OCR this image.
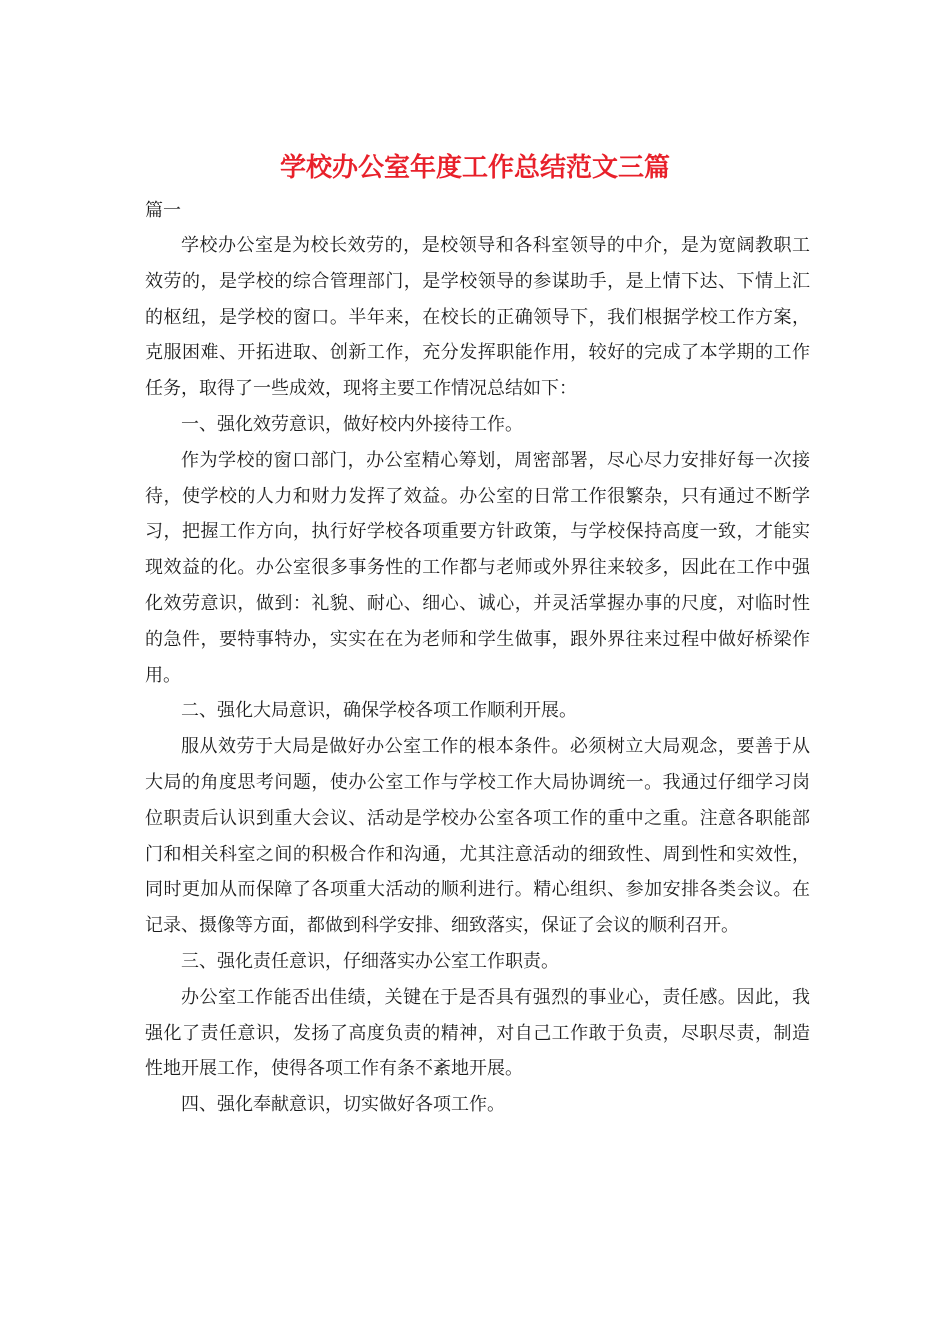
学校办公室年度工作总结范文三篇
篇一

学校办公室是为校长效劳的，是校领导和各科室领导的中介，是为宽阔教职工效劳的，是学校的综合管理部门，是学校领导的参谋助手，是上情下达、下情上汇的枢纽，是学校的窗口。半年来，在校长的正确领导下，我们根据学校工作方案，克服困难、开拓进取、创新工作，充分发挥职能作用，较好的完成了本学期的工作任务，取得了一些成效，现将主要工作情况总结如下：

一、强化效劳意识，做好校内外接待工作。

作为学校的窗口部门，办公室精心筹划，周密部署，尽心尽力安排好每一次接待，使学校的人力和财力发挥了效益。办公室的日常工作很繁杂，只有通过不断学习，把握工作方向，执行好学校各项重要方针政策，与学校保持高度一致，才能实现效益的化。办公室很多事务性的工作都与老师或外界往来较多，因此在工作中强化效劳意识，做到：礼貌、耐心、细心、诚心，并灵活掌握办事的尺度，对临时性的急件，要特事特办，实实在在为老师和学生做事，跟外界往来过程中做好桥梁作用。

二、强化大局意识，确保学校各项工作顺利开展。

服从效劳于大局是做好办公室工作的根本条件。必须树立大局观念，要善于从大局的角度思考问题，使办公室工作与学校工作大局协调统一。我通过仔细学习岗位职责后认识到重大会议、活动是学校办公室各项工作的重中之重。注意各职能部门和相关科室之间的积极合作和沟通，尤其注意活动的细致性、周到性和实效性，同时更加从而保障了各项重大活动的顺利进行。精心组织、参加安排各类会议。在记录、摄像等方面，都做到科学安排、细致落实，保证了会议的顺利召开。

三、强化责任意识，仔细落实办公室工作职责。

办公室工作能否出佳绩，关键在于是否具有强烈的事业心，责任感。因此，我强化了责任意识，发扬了高度负责的精神，对自己工作敢于负责，尽职尽责，制造性地开展工作，使得各项工作有条不紊地开展。

四、强化奉献意识，切实做好各项工作。
